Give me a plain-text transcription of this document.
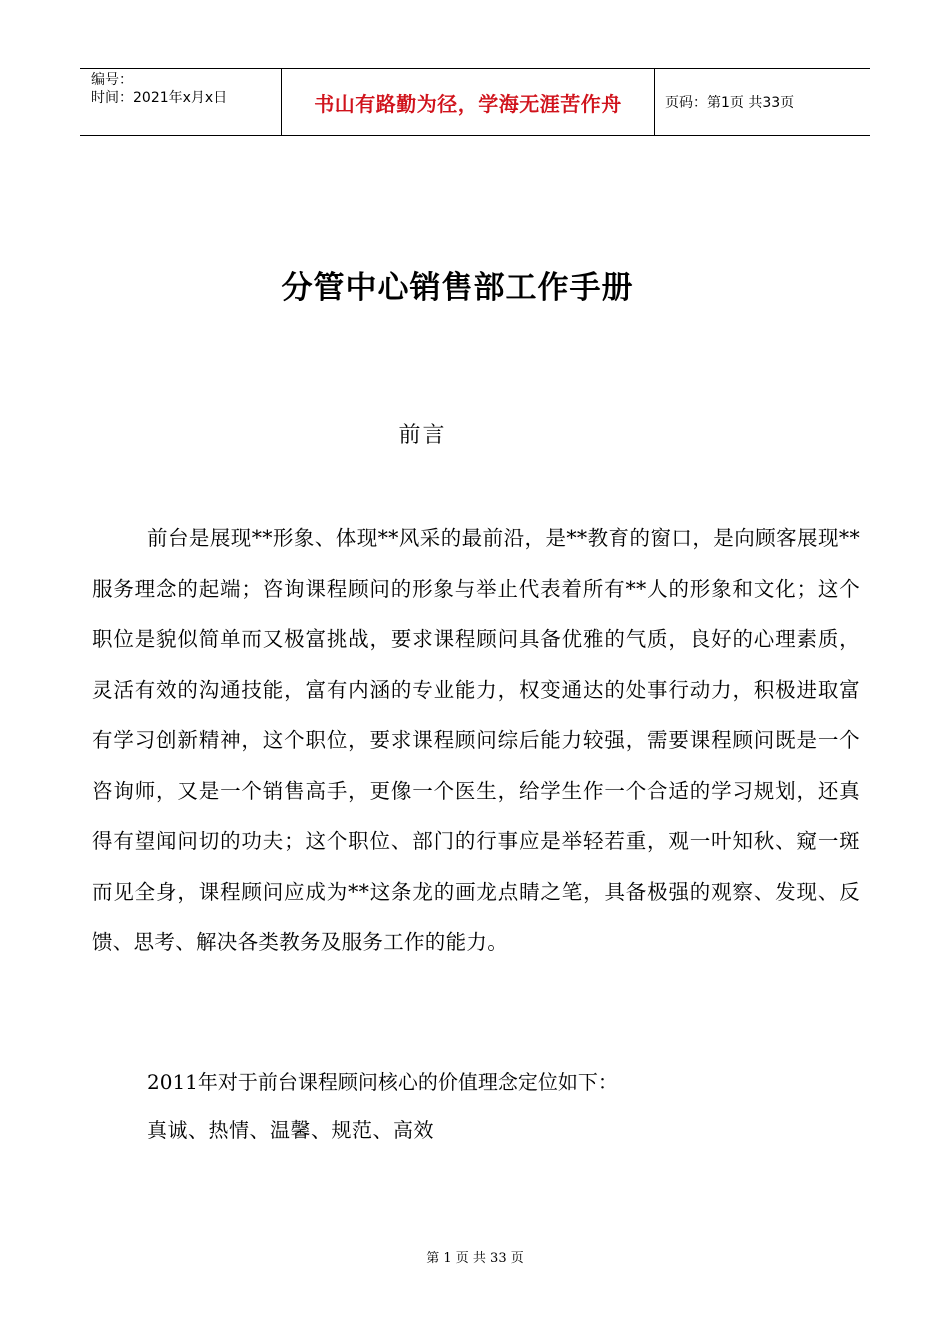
编号：
时间：2021年x月x日	书山有路勤为径，学海无涯苦作舟	页码：第1页 共33页
分管中心销售部工作手册
前言
前台是展现**形象、体现**风采的最前沿，是**教育的窗口，是向顾客展现**服务理念的起端；咨询课程顾问的形象与举止代表着所有**人的形象和文化；这个职位是貌似简单而又极富挑战，要求课程顾问具备优雅的气质，良好的心理素质，灵活有效的沟通技能，富有内涵的专业能力，权变通达的处事行动力，积极进取富有学习创新精神，这个职位，要求课程顾问综后能力较强，需要课程顾问既是一个咨询师，又是一个销售高手，更像一个医生，给学生作一个合适的学习规划，还真得有望闻问切的功夫；这个职位、部门的行事应是举轻若重，观一叶知秋、窥一斑而见全身，课程顾问应成为**这条龙的画龙点睛之笔，具备极强的观察、发现、反馈、思考、解决各类教务及服务工作的能力。
2011年对于前台课程顾问核心的价值理念定位如下：
真诚、热情、温馨、规范、高效
第 1 页 共 33 页
